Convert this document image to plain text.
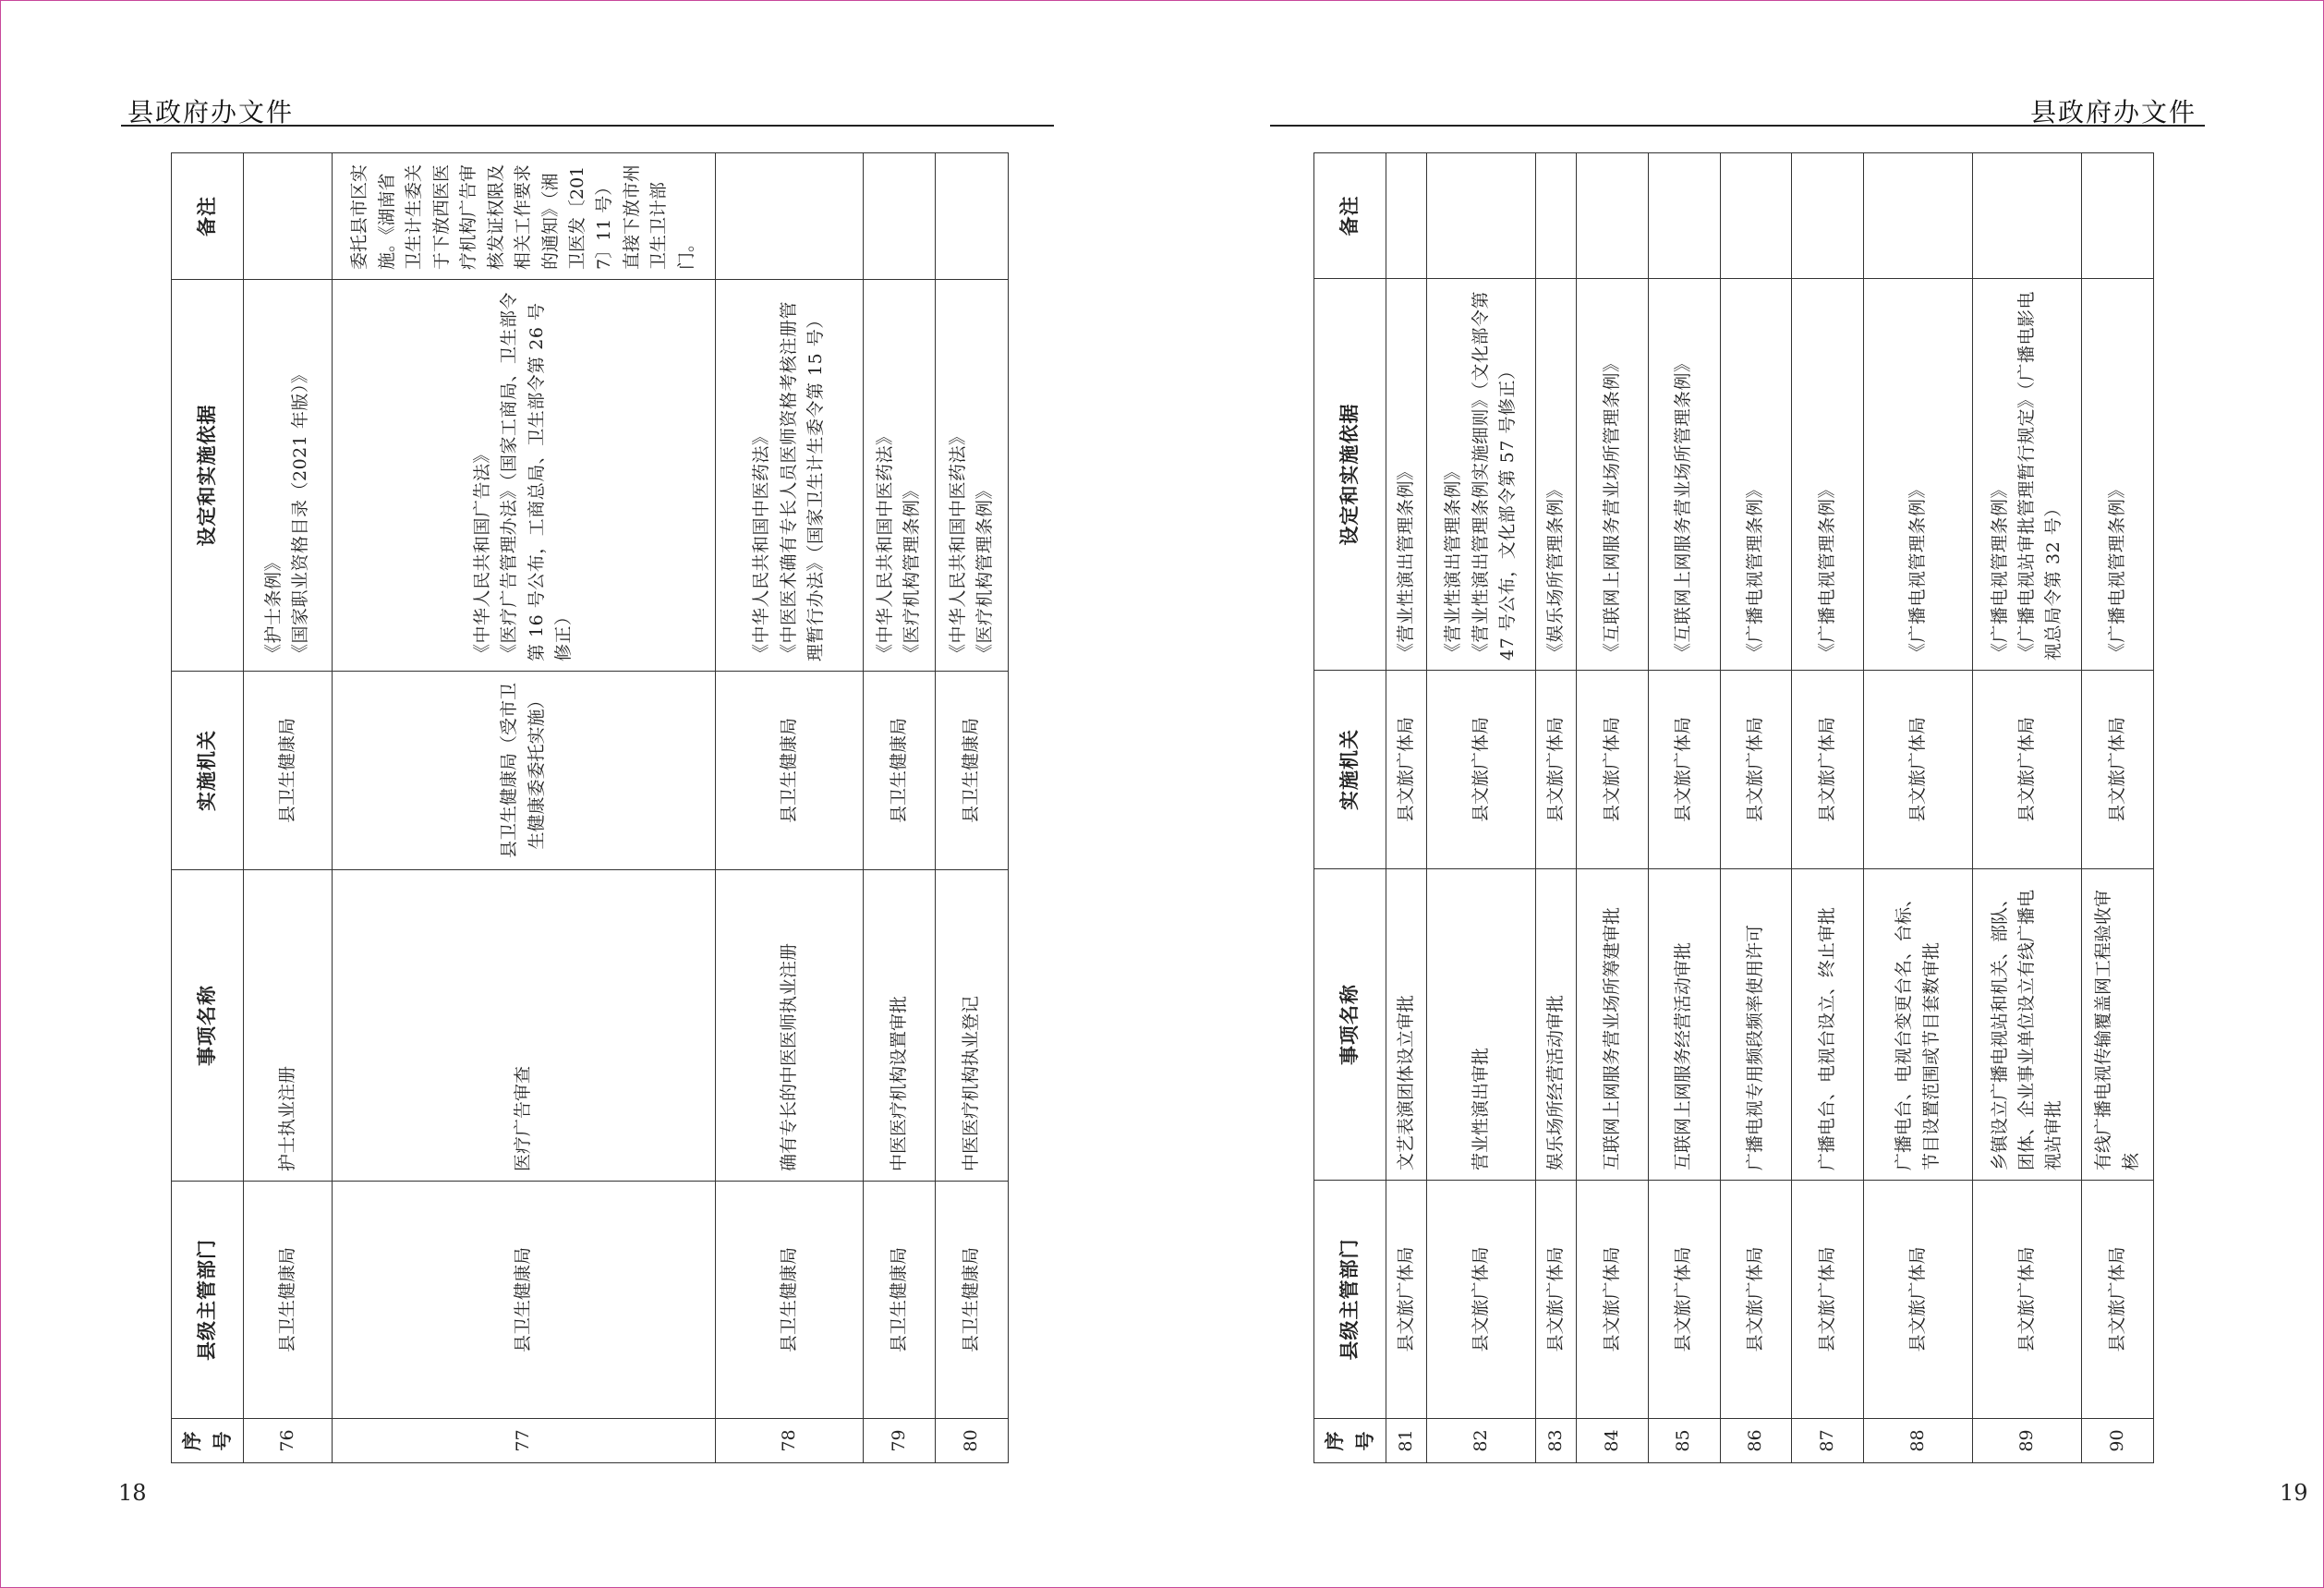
县政府办文件
序号	县级主管部门	事项名称	实施机关	设定和实施依据	备注
76	县卫生健康局	护士执业注册	县卫生健康局	《护士条例》
《国家职业资格目录（2021 年版）》	
77	县卫生健康局	医疗广告审查	县卫生健康局（受市卫生健康委委托实施）	《中华人民共和国广告法》
《医疗广告管理办法》（国家工商局、卫生部令第 16 号公布，工商总局、卫生部令第 26 号修正）	委托县市区实施。《湖南省卫生计生委关于下放西医医疗机构广告审核发证权限及相关工作要求的通知》（湘卫医发〔2017〕11 号）直接下放市州卫生卫计部门。
78	县卫生健康局	确有专长的中医医师执业注册	县卫生健康局	《中华人民共和国中医药法》
《中医医术确有专长人员医师资格考核注册管理暂行办法》（国家卫生计生委令第 15 号）	
79	县卫生健康局	中医医疗机构设置审批	县卫生健康局	《中华人民共和国中医药法》
《医疗机构管理条例》	
80	县卫生健康局	中医医疗机构执业登记	县卫生健康局	《中华人民共和国中医药法》
《医疗机构管理条例》	
18
县政府办文件
序号	县级主管部门	事项名称	实施机关	设定和实施依据	备注
81	县文旅广体局	文艺表演团体设立审批	县文旅广体局	《营业性演出管理条例》	
82	县文旅广体局	营业性演出审批	县文旅广体局	《营业性演出管理条例》
《营业性演出管理条例实施细则》（文化部令第 47 号公布，文化部令第 57 号修正）	
83	县文旅广体局	娱乐场所经营活动审批	县文旅广体局	《娱乐场所管理条例》	
84	县文旅广体局	互联网上网服务营业场所筹建审批	县文旅广体局	《互联网上网服务营业场所管理条例》	
85	县文旅广体局	互联网上网服务经营活动审批	县文旅广体局	《互联网上网服务营业场所管理条例》	
86	县文旅广体局	广播电视专用频段频率使用许可	县文旅广体局	《广播电视管理条例》	
87	县文旅广体局	广播电台、电视台设立、终止审批	县文旅广体局	《广播电视管理条例》	
88	县文旅广体局	广播电台、电视台变更台名、台标、节目设置范围或节目套数审批	县文旅广体局	《广播电视管理条例》	
89	县文旅广体局	乡镇设立广播电视站和机关、部队、团体、企业事业单位设立有线广播电视站审批	县文旅广体局	《广播电视管理条例》
《广播电视站审批管理暂行规定》（广播电影电视总局令第 32 号）	
90	县文旅广体局	有线广播电视传输覆盖网工程验收审核	县文旅广体局	《广播电视管理条例》	
19
